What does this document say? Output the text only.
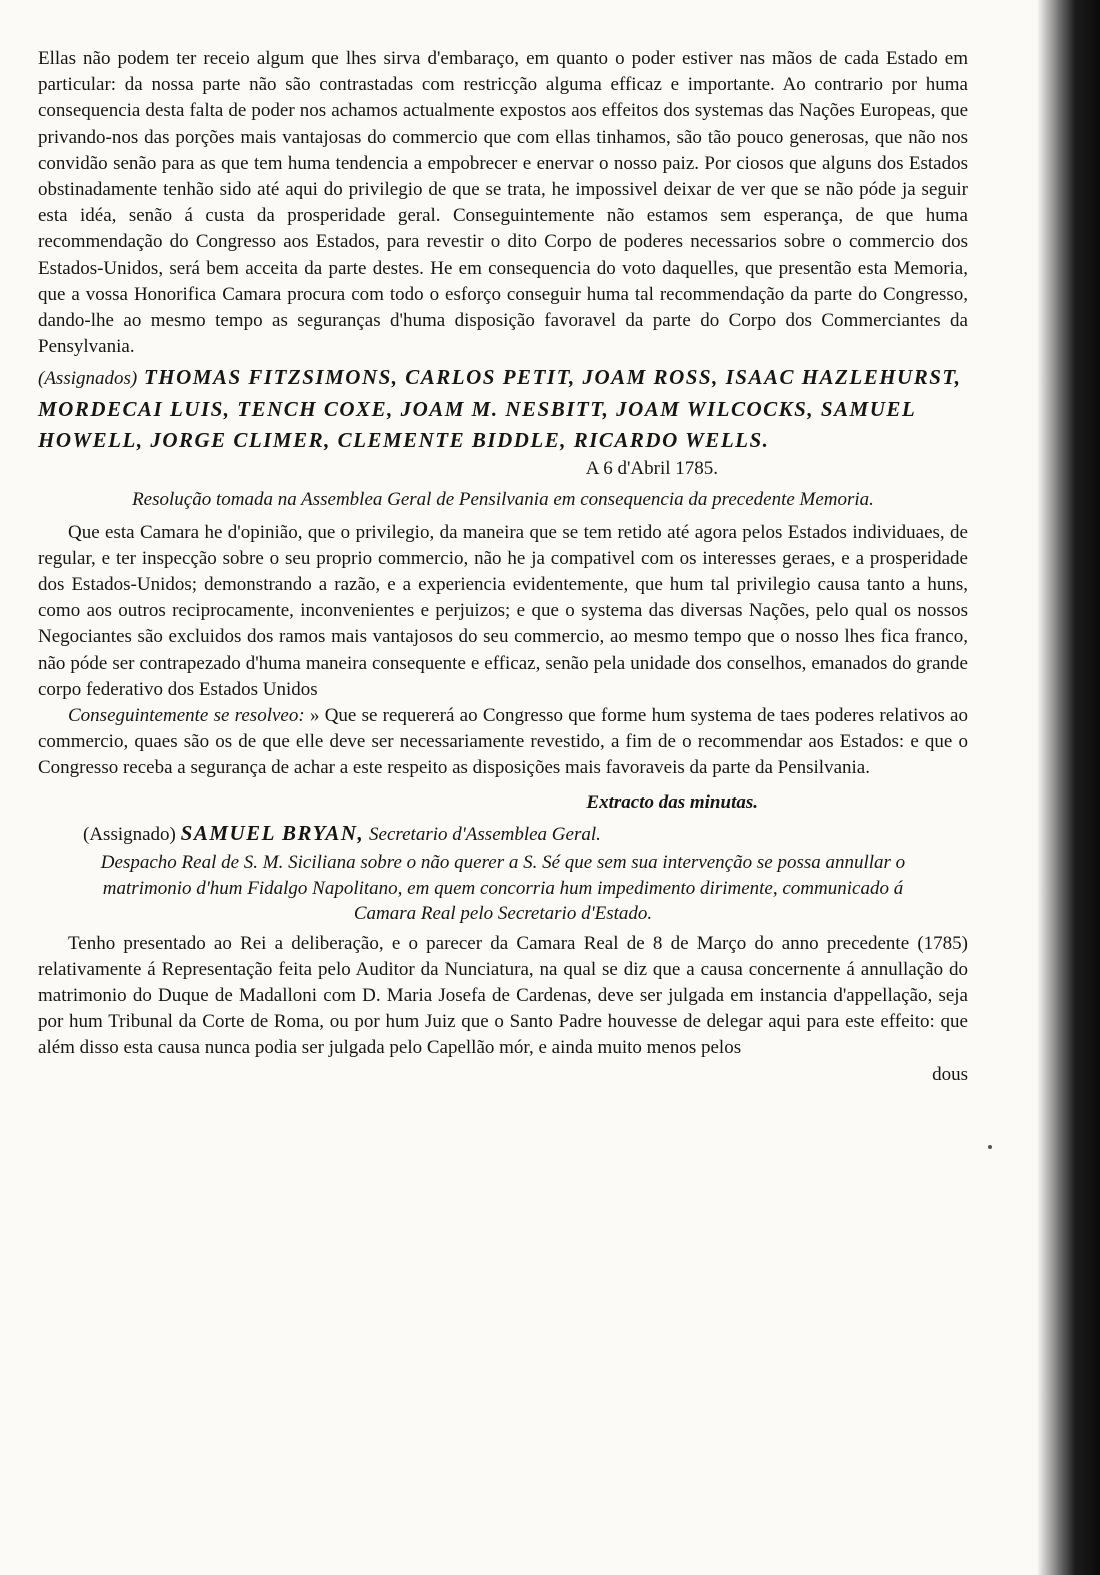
Ellas não podem ter receio algum que lhes sirva d'embaraço, em quanto o poder estiver nas mãos de cada Estado em particular: da nossa parte não são contrastadas com restricção alguma efficaz e importante. Ao contrario por huma consequencia desta falta de poder nos achamos actualmente expostos aos effeitos dos systemas das Nações Europeas, que privando-nos das porções mais vantajosas do commercio que com ellas tinhamos, são tão pouco generosas, que não nos convidão senão para as que tem huma tendencia a empobrecer e enervar o nosso paiz. Por ciosos que alguns dos Estados obstinadamente tenhão sido até aqui do privilegio de que se trata, he impossivel deixar de ver que se não póde ja seguir esta idéa, senão á custa da prosperidade geral. Conseguintemente não estamos sem esperança, de que huma recommendação do Congresso aos Estados, para revestir o dito Corpo de poderes necessarios sobre o commercio dos Estados-Unidos, será bem acceita da parte destes. He em consequencia do voto daquelles, que presentão esta Memoria, que a vossa Honorifica Camara procura com todo o esforço conseguir huma tal recommendação da parte do Congresso, dando-lhe ao mesmo tempo as seguranças d'huma disposição favoravel da parte do Corpo dos Commerciantes da Pensylvania.

(Assignados) THOMAS FITZSIMONS, CARLOS PETIT, JOAM ROSS, ISAAC HAZLEHURST, MORDECAI LUIS, TENCH COXE, JOAM M. NESBITT, JOAM WILCOCKS, SAMUEL HOWELL, JORGE CLIMER, CLEMENTE BIDDLE, RICARDO WELLS.

A 6 d'Abril 1785.

Resolução tomada na Assemblea Geral de Pensilvania em consequencia da precedente Memoria.

Que esta Camara he d'opinião, que o privilegio, da maneira que se tem retido até agora pelos Estados individuaes, de regular, e ter inspecção sobre o seu proprio commercio, não he ja compativel com os interesses geraes, e a prosperidade dos Estados-Unidos; demonstrando a razão, e a experiencia evidentemente, que hum tal privilegio causa tanto a huns, como aos outros reciprocamente, inconvenientes e perjuizos; e que o systema das diversas Nações, pelo qual os nossos Negociantes são excluidos dos ramos mais vantajosos do seu commercio, ao mesmo tempo que o nosso lhes fica franco, não póde ser contrapezado d'huma maneira consequente e efficaz, senão pela unidade dos conselhos, emanados do grande corpo federativo dos Estados Unidos

Conseguintemente se resolveo: » Que se requererá ao Congresso que forme hum systema de taes poderes relativos ao commercio, quaes são os de que elle deve ser necessariamente revestido, a fim de o recommendar aos Estados: e que o Congresso receba a segurança de achar a este respeito as disposições mais favoraveis da parte da Pensilvania.

Extracto das minutas.

(Assignado) SAMUEL BRYAN, Secretario d'Assemblea Geral.

Despacho Real de S. M. Siciliana sobre o não querer a S. Sé que sem sua intervenção se possa annullar o matrimonio d'hum Fidalgo Napolitano, em quem concorria hum impedimento dirimente, communicado á Camara Real pelo Secretario d'Estado.

Tenho presentado ao Rei a deliberação, e o parecer da Camara Real de 8 de Março do anno precedente (1785) relativamente á Representação feita pelo Auditor da Nunciatura, na qual se diz que a causa concernente á annullação do matrimonio do Duque de Madalloni com D. Maria Josefa de Cardenas, deve ser julgada em instancia d'appellação, seja por hum Tribunal da Corte de Roma, ou por hum Juiz que o Santo Padre houvesse de delegar aqui para este effeito: que além disso esta causa nunca podia ser julgada pelo Capellão mór, e ainda muito menos pelos

dous
